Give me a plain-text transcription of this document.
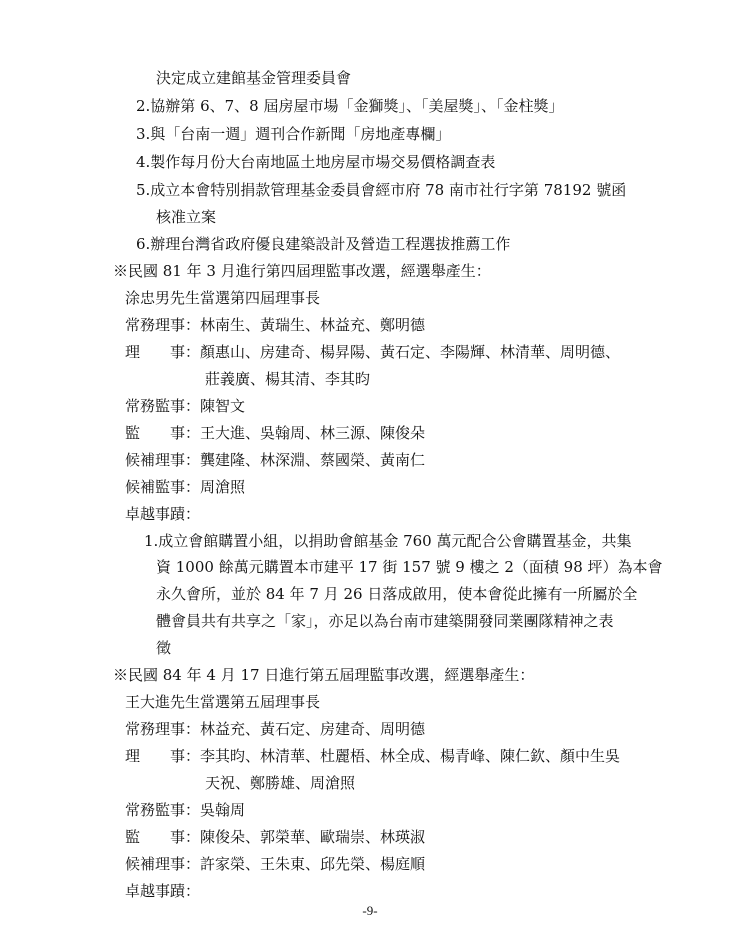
決定成立建館基金管理委員會
2.協辦第 6、7、8 屆房屋市場「金獅獎」、「美屋獎」、「金柱獎」
3.與「台南一週」週刊合作新聞「房地產專欄」
4.製作每月份大台南地區土地房屋市場交易價格調查表
5.成立本會特別捐款管理基金委員會經市府 78 南市社行字第 78192 號函
核准立案
6.辦理台灣省政府優良建築設計及營造工程選拔推薦工作
※民國 81 年 3 月進行第四屆理監事改選，經選舉產生：
涂忠男先生當選第四屆理事長
常務理事：林南生、黃瑞生、林益充、鄭明德
理　　事：顏惠山、房建奇、楊昇陽、黃石定、李陽輝、林清華、周明德、
莊義廣、楊其清、李其昀
常務監事：陳智文
監　　事：王大進、吳翰周、林三源、陳俊朵
候補理事：龔建隆、林深淵、蔡國榮、黃南仁
候補監事：周滄照
卓越事蹟：
1.成立會館購置小組，以捐助會館基金 760 萬元配合公會購置基金，共集
資 1000 餘萬元購置本市建平 17 街 157 號 9 樓之 2（面積 98 坪）為本會
永久會所，並於 84 年 7 月 26 日落成啟用，使本會從此擁有一所屬於全
體會員共有共享之「家」，亦足以為台南市建築開發同業團隊精神之表
徵
※民國 84 年 4 月 17 日進行第五屆理監事改選，經選舉產生：
王大進先生當選第五屆理事長
常務理事：林益充、黃石定、房建奇、周明德
理　　事：李其昀、林清華、杜麗梧、林全成、楊青峰、陳仁欽、顏中生吳
天祝、鄭勝雄、周滄照
常務監事：吳翰周
監　　事：陳俊朵、郭榮華、歐瑞崇、林瑛淑
候補理事：許家榮、王朱東、邱先榮、楊庭順
卓越事蹟：
-9-
